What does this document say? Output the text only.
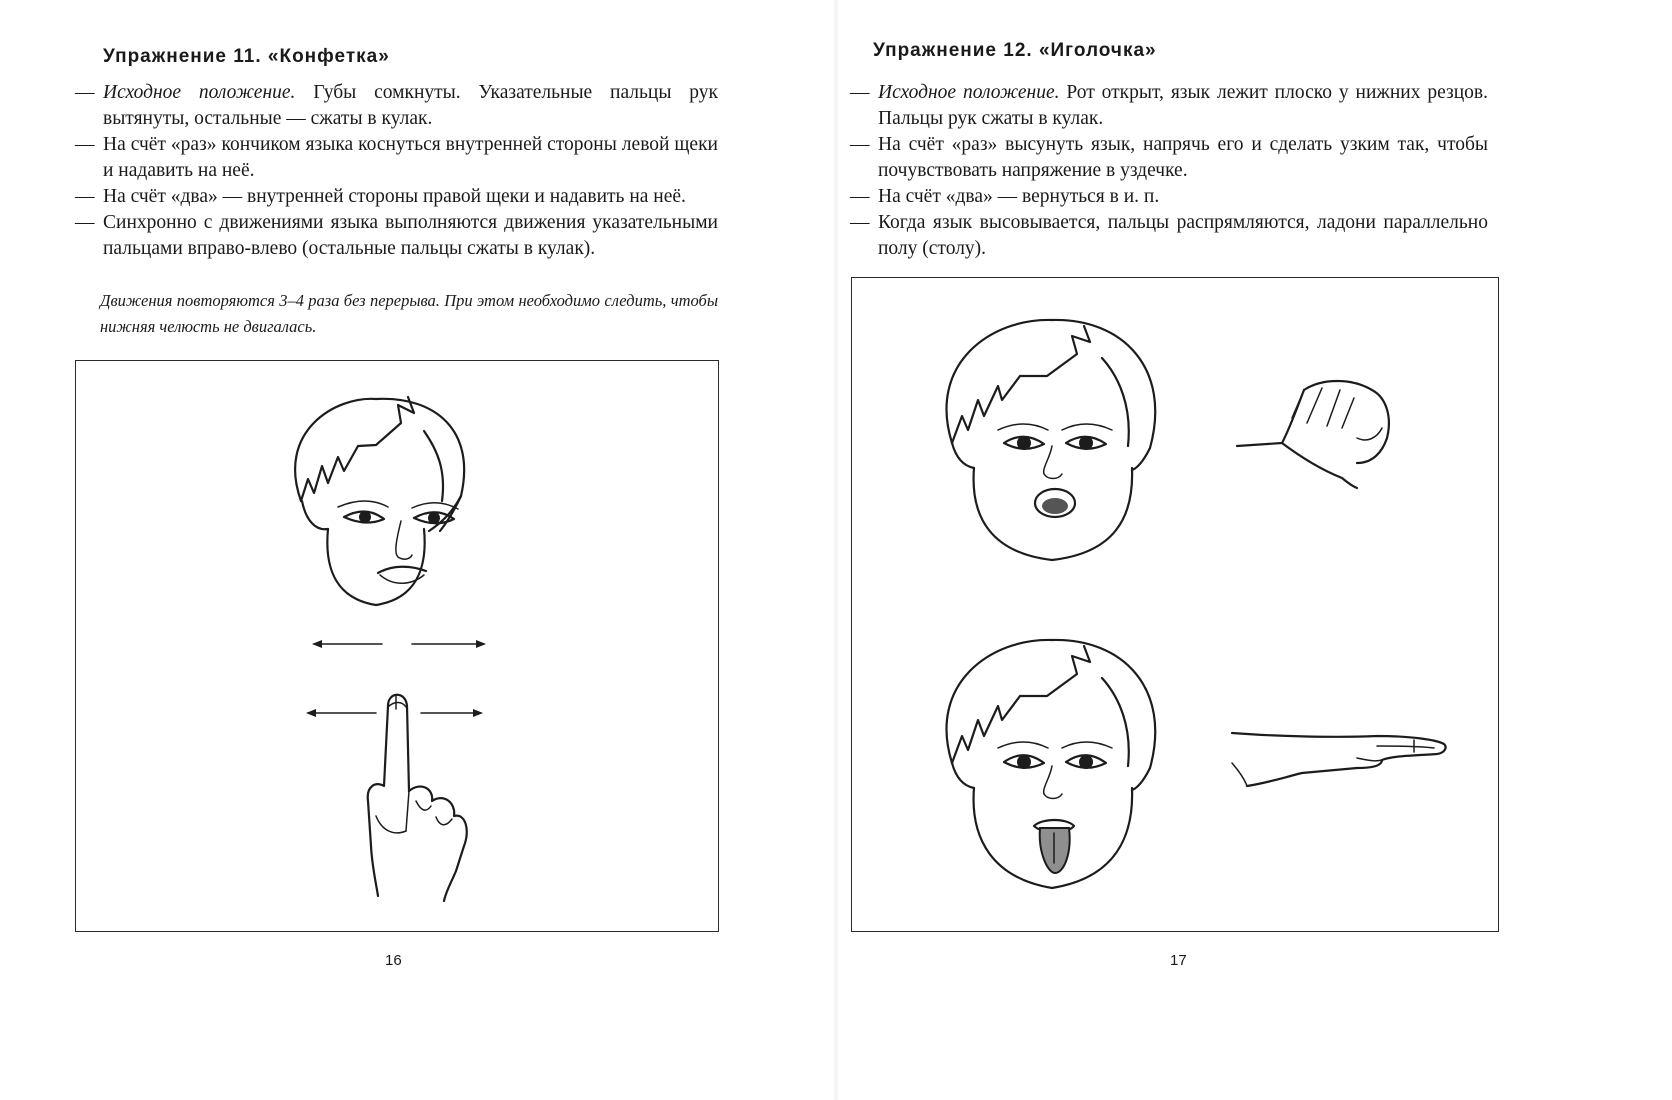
Упражнение 11. «Конфетка»

— Исходное положение. Губы сомкнуты. Указательные пальцы рук вытянуты, остальные — сжаты в кулак.

— На счёт «раз» кончиком языка коснуться внутренней стороны левой щеки и надавить на неё.

— На счёт «два» — внутренней стороны правой щеки и надавить на неё.

— Синхронно с движениями языка выполняются движения указательными пальцами вправо-влево (остальные пальцы сжаты в кулак).

Движения повторяются 3–4 раза без перерыва. При этом необходимо следить, чтобы нижняя челюсть не двигалась.

16
Упражнение 12. «Иголочка»

— Исходное положение. Рот открыт, язык лежит плоско у нижних резцов. Пальцы рук сжаты в кулак.

— На счёт «раз» высунуть язык, напрячь его и сделать узким так, чтобы почувствовать напряжение в уздечке.

— На счёт «два» — вернуться в и. п.

— Когда язык высовывается, пальцы распрямляются, ладони параллельно полу (столу).

17
